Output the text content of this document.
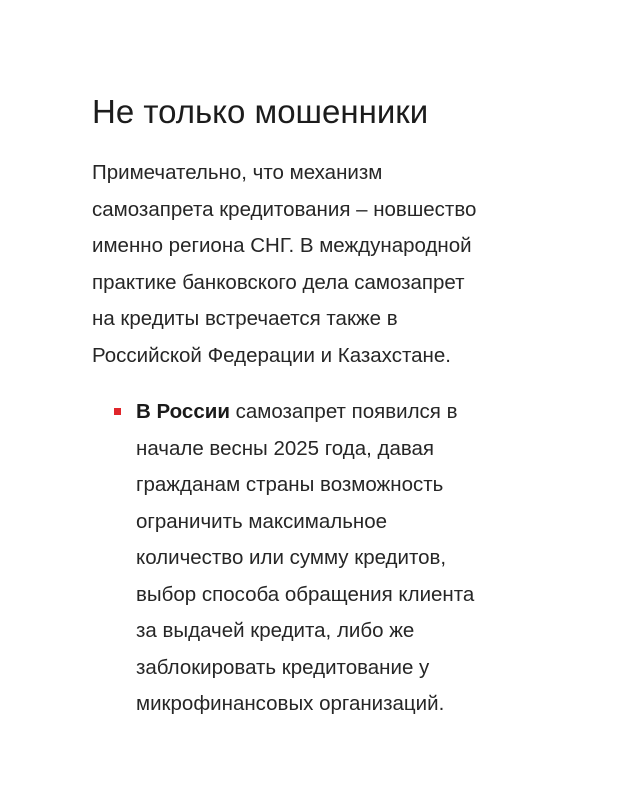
Не только мошенники

Примечательно, что механизм
самозапрета кредитования – новшество
именно региона СНГ. В международной
практике банковского дела самозапрет
на кредиты встречается также в
Российской Федерации и Казахстане.

В России самозапрет появился в
начале весны 2025 года, давая
гражданам страны возможность
ограничить максимальное
количество или сумму кредитов,
выбор способа обращения клиента
за выдачей кредита, либо же
заблокировать кредитование у
микрофинансовых организаций.
